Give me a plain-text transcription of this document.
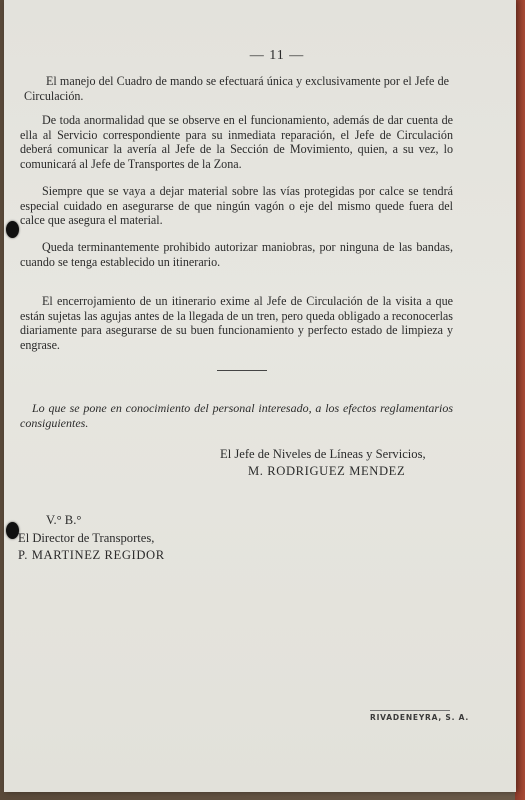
— 11 —
El manejo del Cuadro de mando se efectuará única y exclusivamente por el Jefe de Circulación.
De toda anormalidad que se observe en el funcionamiento, además de dar cuenta de ella al Servicio correspondiente para su inmediata reparación, el Jefe de Circulación deberá comunicar la avería al Jefe de la Sección de Movimiento, quien, a su vez, lo comunicará al Jefe de Transportes de la Zona.
Siempre que se vaya a dejar material sobre las vías protegidas por calce se tendrá especial cuidado en asegurarse de que ningún vagón o eje del mismo quede fuera del calce que asegura el material.
Queda terminantemente prohibido autorizar maniobras, por ninguna de las bandas, cuando se tenga establecido un itinerario.
El encerrojamiento de un itinerario exime al Jefe de Circulación de la visita a que están sujetas las agujas antes de la llegada de un tren, pero queda obligado a reconocerlas diariamente para asegurarse de su buen funcionamiento y perfecto estado de limpieza y engrase.
Lo que se pone en conocimiento del personal interesado, a los efectos reglamentarios consiguientes.
El Jefe de Niveles de Líneas y Servicios,
M. RODRIGUEZ MENDEZ
V.° B.°
El Director de Transportes,
P. MARTINEZ REGIDOR
RIVADENEYRA, S. A.
